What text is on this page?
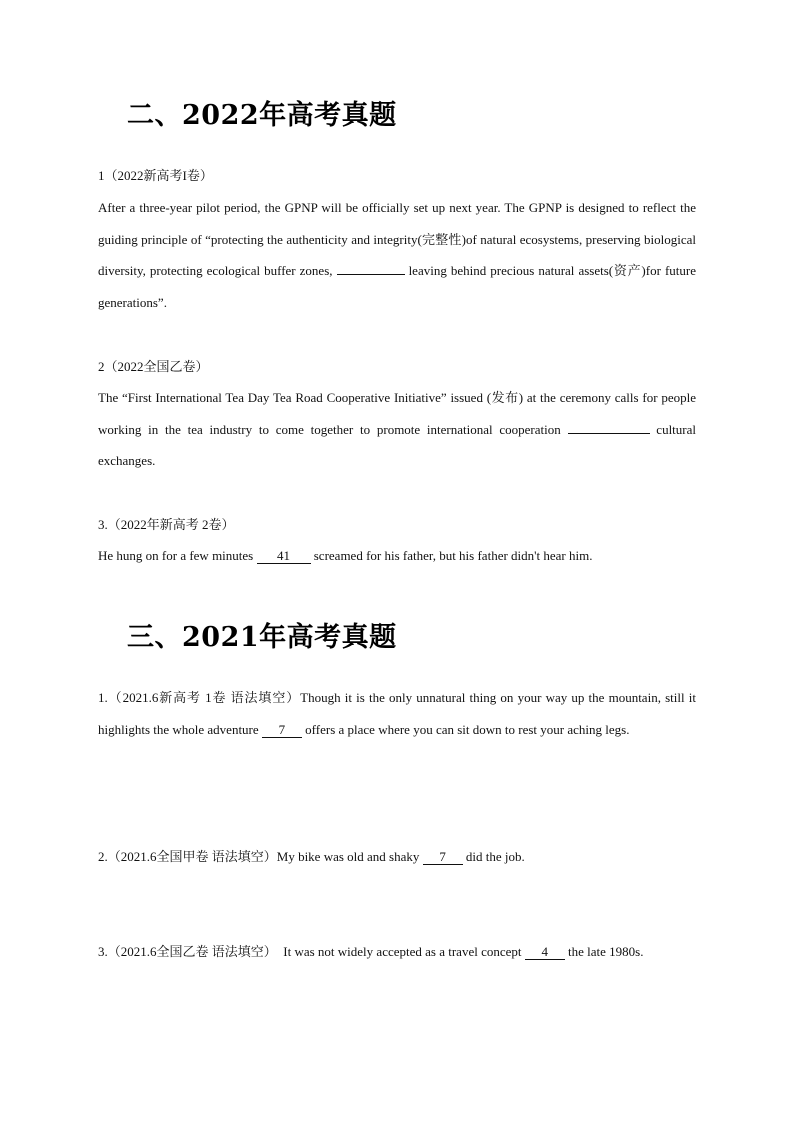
二、2022年高考真题
1（2022新高考I卷）

After a three-year pilot period, the GPNP will be officially set up next year. The GPNP is designed to reflect the guiding principle of “protecting the authenticity and integrity(完整性)of natural ecosystems, preserving biological diversity, protecting ecological buffer zones,	leaving behind precious natural assets(资产)for future generations”.

2（2022全国乙卷）

The “First International Tea Day Tea Road Cooperative Initiative” issued (发布) at the ceremony calls for people working in the tea industry to come together to promote international cooperation	cultural exchanges.

3.（2022年新高考 2卷）

He hung on for a few minutes 41 screamed for his father, but his father didn't hear him.

三、2021年高考真题

1.（2021.6新高考 1卷 语法填空）Though it is the only unnatural thing on your way up the mountain, still it highlights the whole adventure 7 offers a place where you can sit down to rest your aching legs.

2.（2021.6全国甲卷 语法填空）My bike was old and shaky 7 did the job.

3.（2021.6全国乙卷 语法填空） It was not widely accepted as a travel concept 4 the late 1980s.
